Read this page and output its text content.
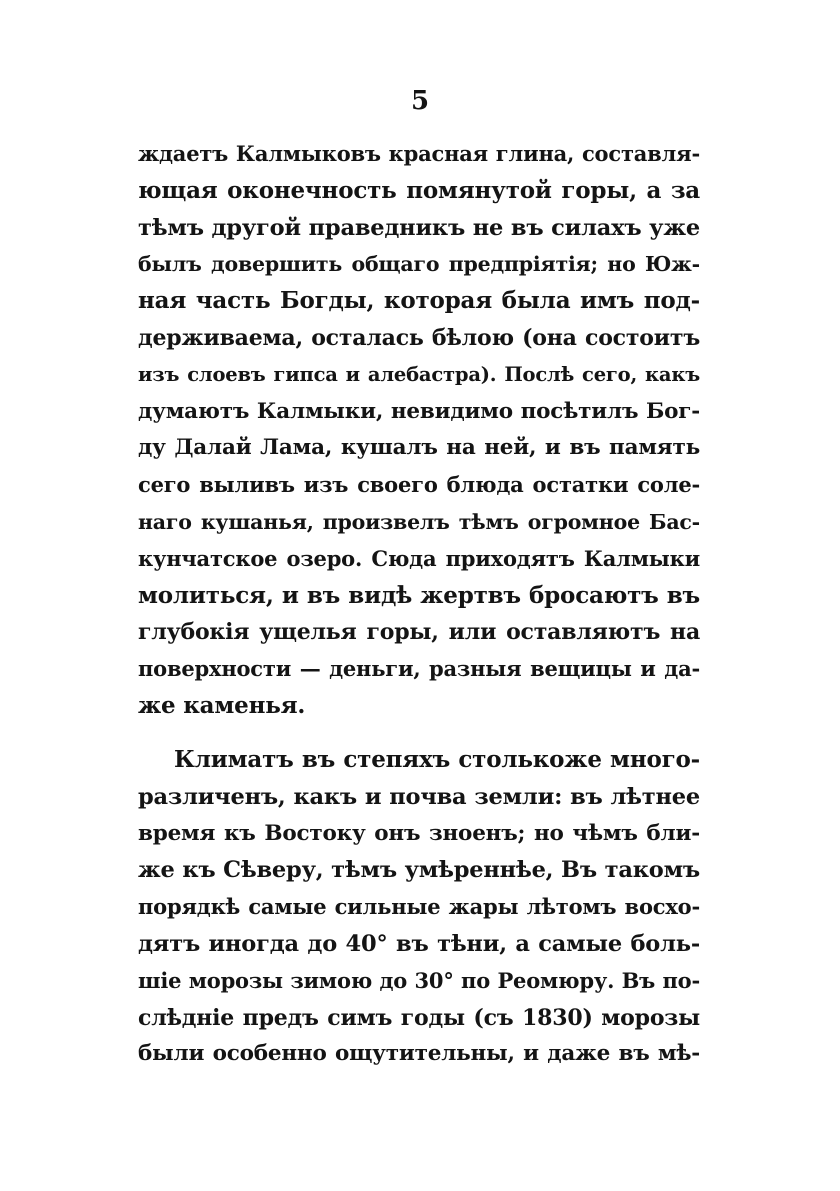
5
ждаетъ Калмыковъ красная глина, составля-
ющая оконечность помянутой горы, а за
тѣмъ другой праведникъ не въ силахъ уже
былъ довершить общаго предпріятія; но Юж-
ная часть Богды, которая была имъ под-
держиваема, осталась бѣлою (она состоитъ
изъ слоевъ гипса и алебастра). Послѣ сего, какъ
думаютъ Калмыки, невидимо посѣтилъ Бог-
ду Далай Лама, кушалъ на ней, и въ память
сего выливъ изъ своего блюда остатки соле-
наго кушанья, произвелъ тѣмъ огромное Бас-
кунчатское озеро. Сюда приходятъ Калмыки
молиться, и въ видѣ жертвъ бросаютъ въ
глубокія ущелья горы, или оставляютъ на
поверхности — деньги, разныя вещицы и да-
же каменья.
Климатъ въ степяхъ столькоже много-
различенъ, какъ и почва земли: въ лѣтнее
время къ Востоку онъ зноенъ; но чѣмъ бли-
же къ Сѣверу, тѣмъ умѣреннѣе, Въ такомъ
порядкѣ самые сильные жары лѣтомъ восхо-
дятъ иногда до 40° въ тѣни, а самые боль-
шіе морозы зимою до 30° по Реомюру. Въ по-
слѣдніе предъ симъ годы (съ 1830) морозы
были особенно ощутительны, и даже въ мѣ-
